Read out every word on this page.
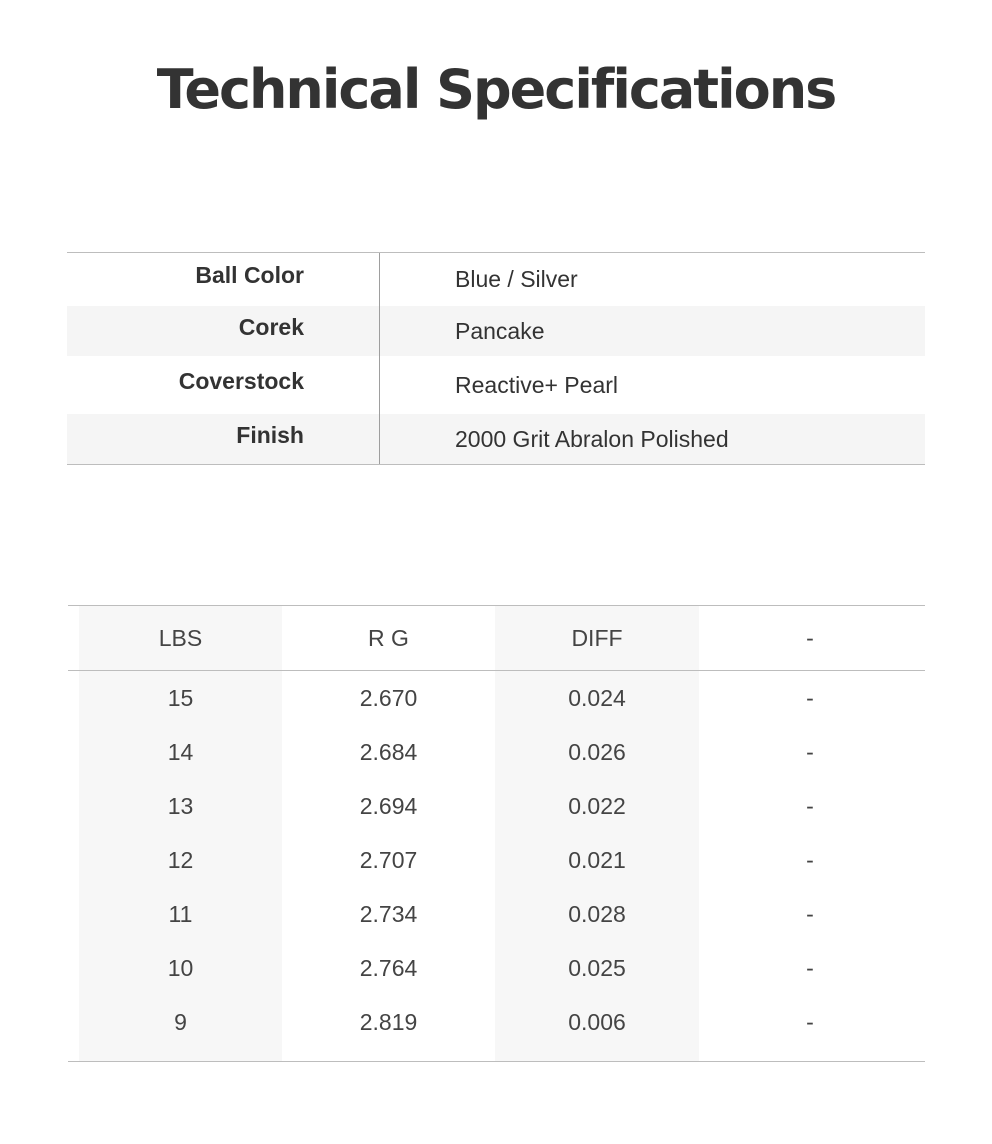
Technical Specifications
Ball Color	Blue / Silver
Corek	Pancake
Coverstock	Reactive+ Pearl
Finish	2000 Grit Abralon Polished
LBS	R G	DIFF	-
15	2.670	0.024	-
14	2.684	0.026	-
13	2.694	0.022	-
12	2.707	0.021	-
11	2.734	0.028	-
10	2.764	0.025	-
9	2.819	0.006	-
